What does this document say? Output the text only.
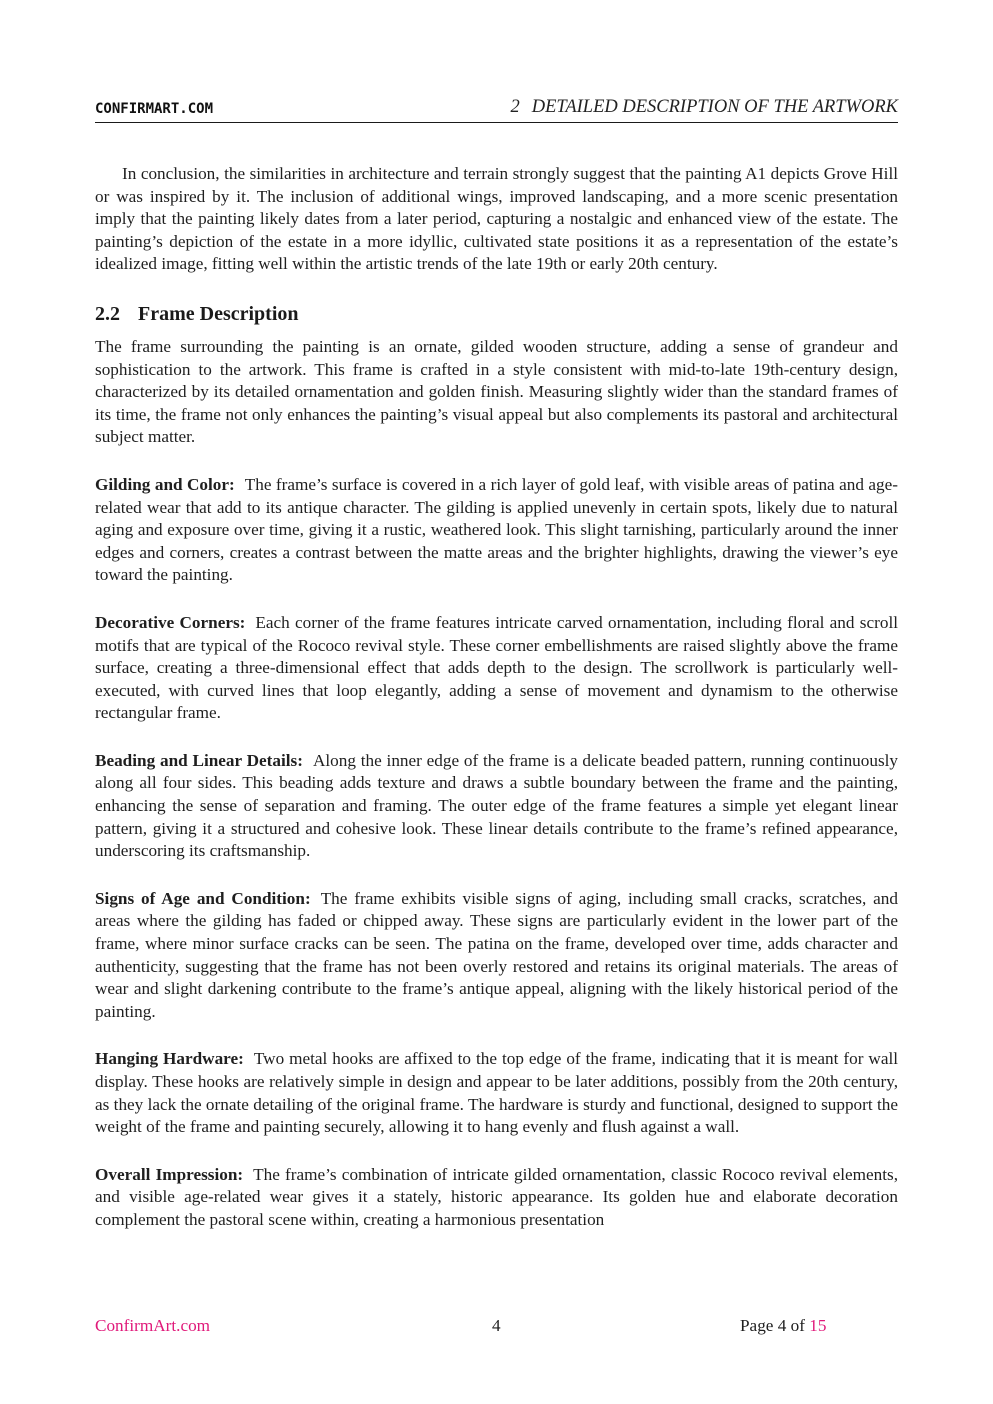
CONFIRMART.COM	2 DETAILED DESCRIPTION OF THE ARTWORK

In conclusion, the similarities in architecture and terrain strongly suggest that the painting A1 depicts Grove Hill or was inspired by it. The inclusion of additional wings, improved landscaping, and a more scenic presentation imply that the painting likely dates from a later period, capturing a nostalgic and enhanced view of the estate. The painting’s depiction of the estate in a more idyllic, cultivated state positions it as a representation of the estate’s idealized image, fitting well within the artistic trends of the late 19th or early 20th century.

2.2 Frame Description

The frame surrounding the painting is an ornate, gilded wooden structure, adding a sense of grandeur and sophistication to the artwork. This frame is crafted in a style consistent with mid-to-late 19th-century design, characterized by its detailed ornamentation and golden finish. Measuring slightly wider than the standard frames of its time, the frame not only enhances the painting’s visual appeal but also complements its pastoral and architectural subject matter.

Gilding and Color: The frame’s surface is covered in a rich layer of gold leaf, with visible areas of patina and age-related wear that add to its antique character. The gilding is applied unevenly in certain spots, likely due to natural aging and exposure over time, giving it a rustic, weathered look. This slight tarnishing, particularly around the inner edges and corners, creates a contrast between the matte areas and the brighter highlights, drawing the viewer’s eye toward the painting.

Decorative Corners: Each corner of the frame features intricate carved ornamentation, including floral and scroll motifs that are typical of the Rococo revival style. These corner embellishments are raised slightly above the frame surface, creating a three-dimensional effect that adds depth to the design. The scrollwork is particularly well-executed, with curved lines that loop elegantly, adding a sense of movement and dynamism to the otherwise rectangular frame.

Beading and Linear Details: Along the inner edge of the frame is a delicate beaded pattern, running continuously along all four sides. This beading adds texture and draws a subtle boundary between the frame and the painting, enhancing the sense of separation and framing. The outer edge of the frame features a simple yet elegant linear pattern, giving it a structured and cohesive look. These linear details contribute to the frame’s refined appearance, underscoring its craftsmanship.

Signs of Age and Condition: The frame exhibits visible signs of aging, including small cracks, scratches, and areas where the gilding has faded or chipped away. These signs are particularly evident in the lower part of the frame, where minor surface cracks can be seen. The patina on the frame, developed over time, adds character and authenticity, suggesting that the frame has not been overly restored and retains its original materials. The areas of wear and slight darkening contribute to the frame’s antique appeal, aligning with the likely historical period of the painting.

Hanging Hardware: Two metal hooks are affixed to the top edge of the frame, indicating that it is meant for wall display. These hooks are relatively simple in design and appear to be later additions, possibly from the 20th century, as they lack the ornate detailing of the original frame. The hardware is sturdy and functional, designed to support the weight of the frame and painting securely, allowing it to hang evenly and flush against a wall.

Overall Impression: The frame’s combination of intricate gilded ornamentation, classic Rococo revival elements, and visible age-related wear gives it a stately, historic appearance. Its golden hue and elaborate decoration complement the pastoral scene within, creating a harmonious presentation

ConfirmArt.com	4	Page 4 of 15
